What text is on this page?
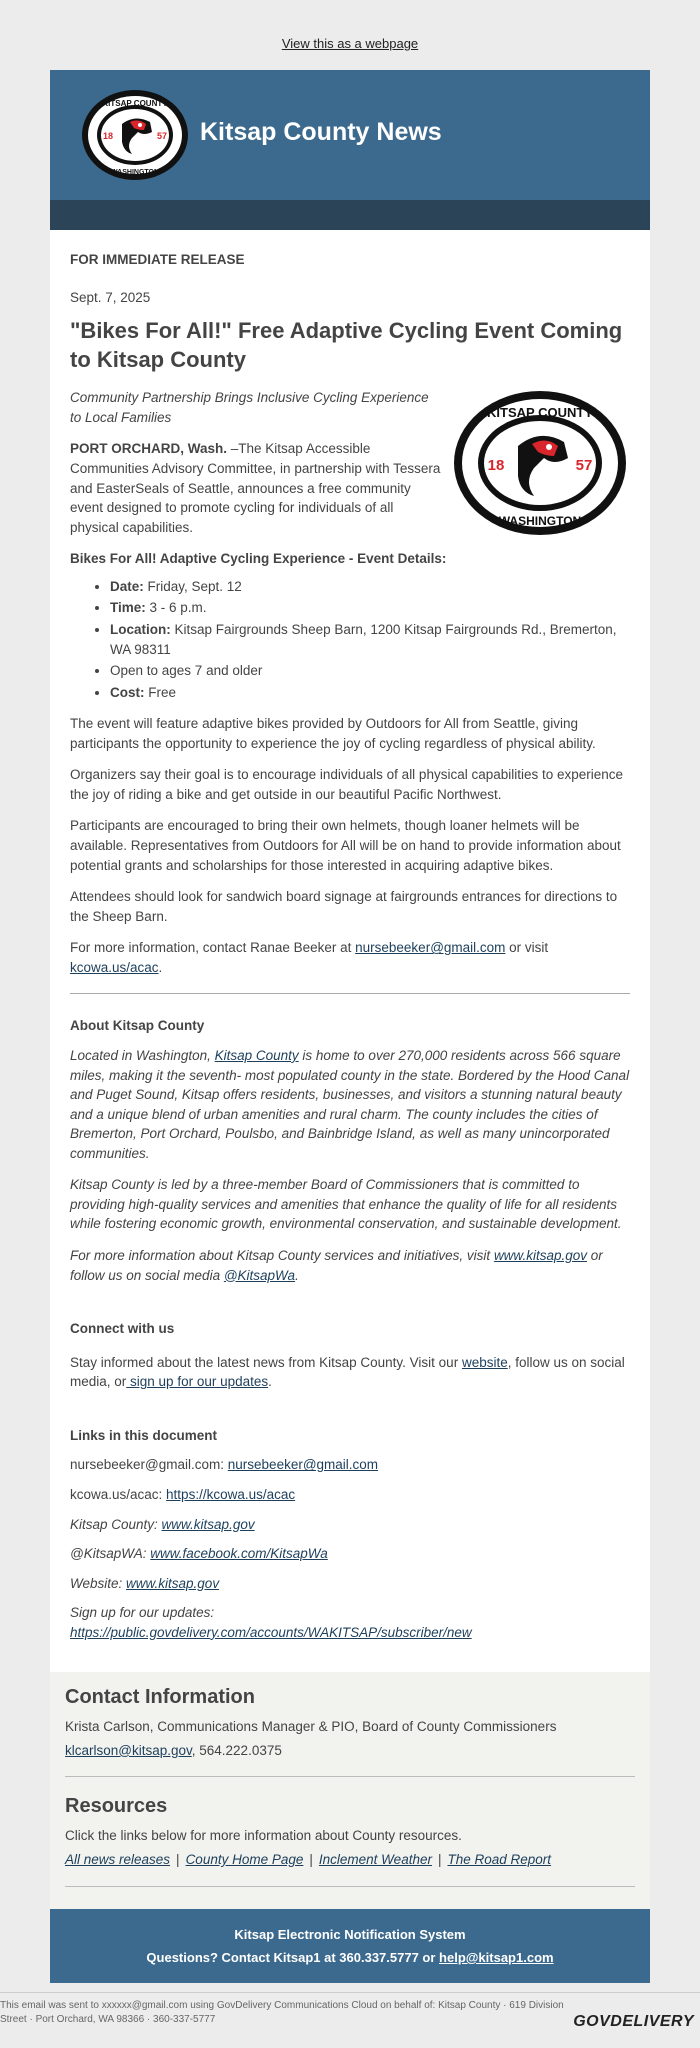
View this as a webpage
KITSAP COUNTY
WASHINGTON
18	57 Kitsap County News

FOR IMMEDIATE RELEASE

Sept. 7, 2025

"Bikes For All!" Free Adaptive Cycling Event Coming to Kitsap County
KITSAP COUNTY
WASHINGTON
18	57

Community Partnership Brings Inclusive Cycling Experience to Local Families

PORT ORCHARD, Wash. –The Kitsap Accessible Communities Advisory Committee, in partnership with Tessera and EasterSeals of Seattle, announces a free community event designed to promote cycling for individuals of all physical capabilities.

Bikes For All! Adaptive Cycling Experience - Event Details:

• Date: Friday, Sept. 12
• Time: 3 - 6 p.m.
• Location: Kitsap Fairgrounds Sheep Barn, 1200 Kitsap Fairgrounds Rd., Bremerton, WA 98311
• Open to ages 7 and older
• Cost: Free

The event will feature adaptive bikes provided by Outdoors for All from Seattle, giving participants the opportunity to experience the joy of cycling regardless of physical ability.

Organizers say their goal is to encourage individuals of all physical capabilities to experience the joy of riding a bike and get outside in our beautiful Pacific Northwest.

Participants are encouraged to bring their own helmets, though loaner helmets will be available. Representatives from Outdoors for All will be on hand to provide information about potential grants and scholarships for those interested in acquiring adaptive bikes.

Attendees should look for sandwich board signage at fairgrounds entrances for directions to the Sheep Barn.

For more information, contact Ranae Beeker at nursebeeker@gmail.com or visit kcowa.us/acac.

About Kitsap County

Located in Washington, Kitsap County is home to over 270,000 residents across 566 square miles, making it the seventh- most populated county in the state. Bordered by the Hood Canal and Puget Sound, Kitsap offers residents, businesses, and visitors a stunning natural beauty and a unique blend of urban amenities and rural charm. The county includes the cities of Bremerton, Port Orchard, Poulsbo, and Bainbridge Island, as well as many unincorporated communities.

Kitsap County is led by a three-member Board of Commissioners that is committed to providing high-quality services and amenities that enhance the quality of life for all residents while fostering economic growth, environmental conservation, and sustainable development.

For more information about Kitsap County services and initiatives, visit www.kitsap.gov or follow us on social media @KitsapWa.

Connect with us

Stay informed about the latest news from Kitsap County. Visit our website, follow us on social media, or sign up for our updates.

Links in this document

nursebeeker@gmail.com: nursebeeker@gmail.com

kcowa.us/acac: https://kcowa.us/acac

Kitsap County: www.kitsap.gov

@KitsapWA: www.facebook.com/KitsapWa

Website: www.kitsap.gov

Sign up for our updates:
https://public.govdelivery.com/accounts/WAKITSAP/subscriber/new

Contact Information

Krista Carlson, Communications Manager & PIO, Board of County Commissioners

klcarlson@kitsap.gov, 564.222.0375

Resources

Click the links below for more information about County resources.

All news releases | County Home Page | Inclement Weather | The Road Report

Kitsap Electronic Notification System
Questions? Contact Kitsap1 at 360.337.5777 or help@kitsap1.com
This email was sent to xxxxxx@gmail.com using GovDelivery Communications Cloud on behalf of: Kitsap County · 619 Division Street · Port Orchard, WA 98366 · 360-337-5777	GOVDELIVERY
